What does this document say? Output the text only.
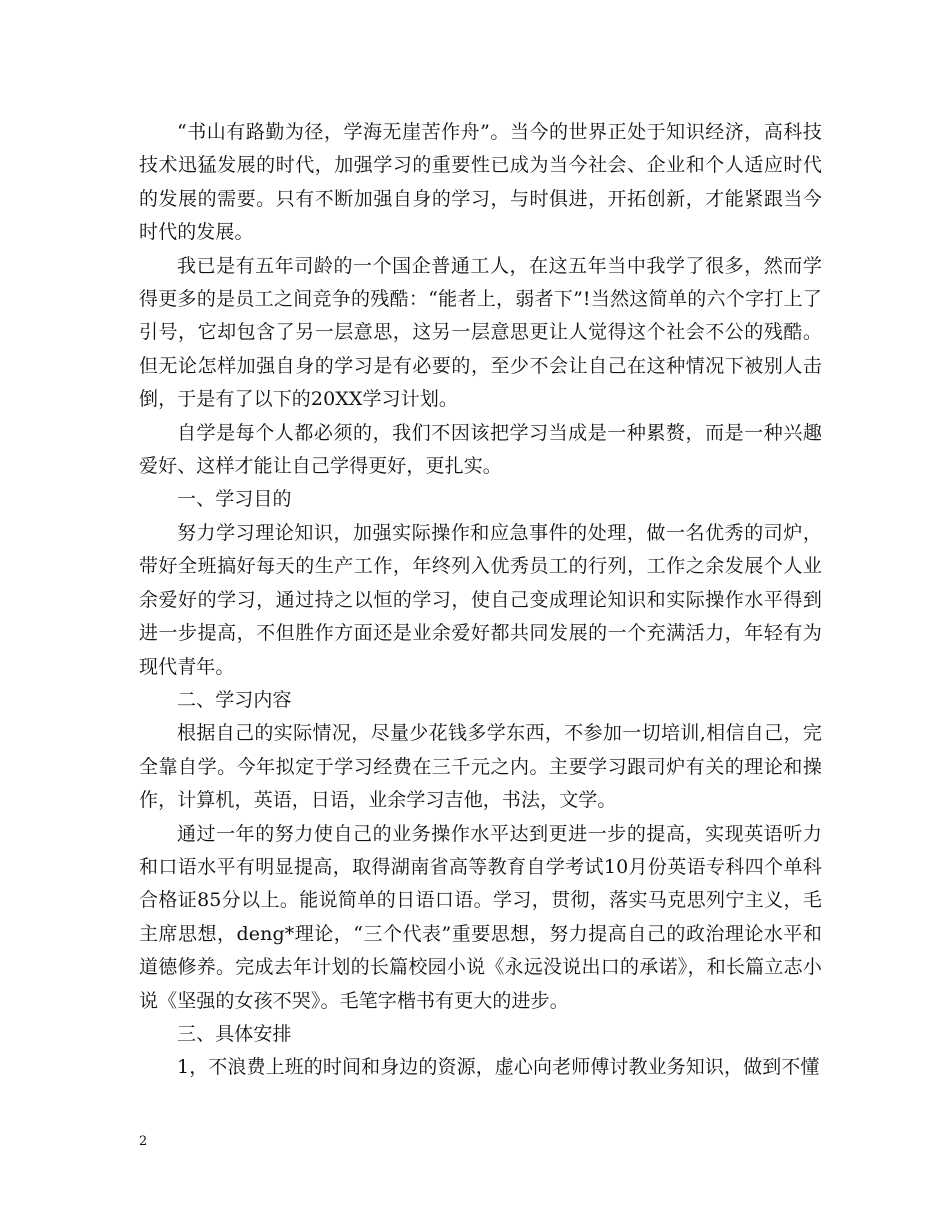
“书山有路勤为径，学海无崖苦作舟”。当今的世界正处于知识经济，高科技技术迅猛发展的时代，加强学习的重要性已成为当今社会、企业和个人适应时代的发展的需要。只有不断加强自身的学习，与时俱进，开拓创新，才能紧跟当今时代的发展。

我已是有五年司龄的一个国企普通工人，在这五年当中我学了很多，然而学得更多的是员工之间竞争的残酷：“能者上，弱者下”!当然这简单的六个字打上了引号，它却包含了另一层意思，这另一层意思更让人觉得这个社会不公的残酷。但无论怎样加强自身的学习是有必要的，至少不会让自己在这种情况下被别人击倒，于是有了以下的20XX学习计划。

自学是每个人都必须的，我们不因该把学习当成是一种累赘，而是一种兴趣爱好、这样才能让自己学得更好，更扎实。

一、学习目的

努力学习理论知识，加强实际操作和应急事件的处理，做一名优秀的司炉，带好全班搞好每天的生产工作，年终列入优秀员工的行列，工作之余发展个人业余爱好的学习，通过持之以恒的学习，使自己变成理论知识和实际操作水平得到进一步提高，不但胜作方面还是业余爱好都共同发展的一个充满活力，年轻有为现代青年。

二、学习内容

根据自己的实际情况，尽量少花钱多学东西，不参加一切培训,相信自己，完全靠自学。今年拟定于学习经费在三千元之内。主要学习跟司炉有关的理论和操作，计算机，英语，日语，业余学习吉他，书法，文学。

通过一年的努力使自己的业务操作水平达到更进一步的提高，实现英语听力和口语水平有明显提高，取得湖南省高等教育自学考试10月份英语专科四个单科合格证85分以上。能说简单的日语口语。学习，贯彻，落实马克思列宁主义，毛主席思想，deng*理论，“三个代表”重要思想，努力提高自己的政治理论水平和道德修养。完成去年计划的长篇校园小说《永远没说出口的承诺》，和长篇立志小说《坚强的女孩不哭》。毛笔字楷书有更大的进步。

三、具体安排

1，不浪费上班的时间和身边的资源，虚心向老师傅讨教业务知识，做到不懂

2
